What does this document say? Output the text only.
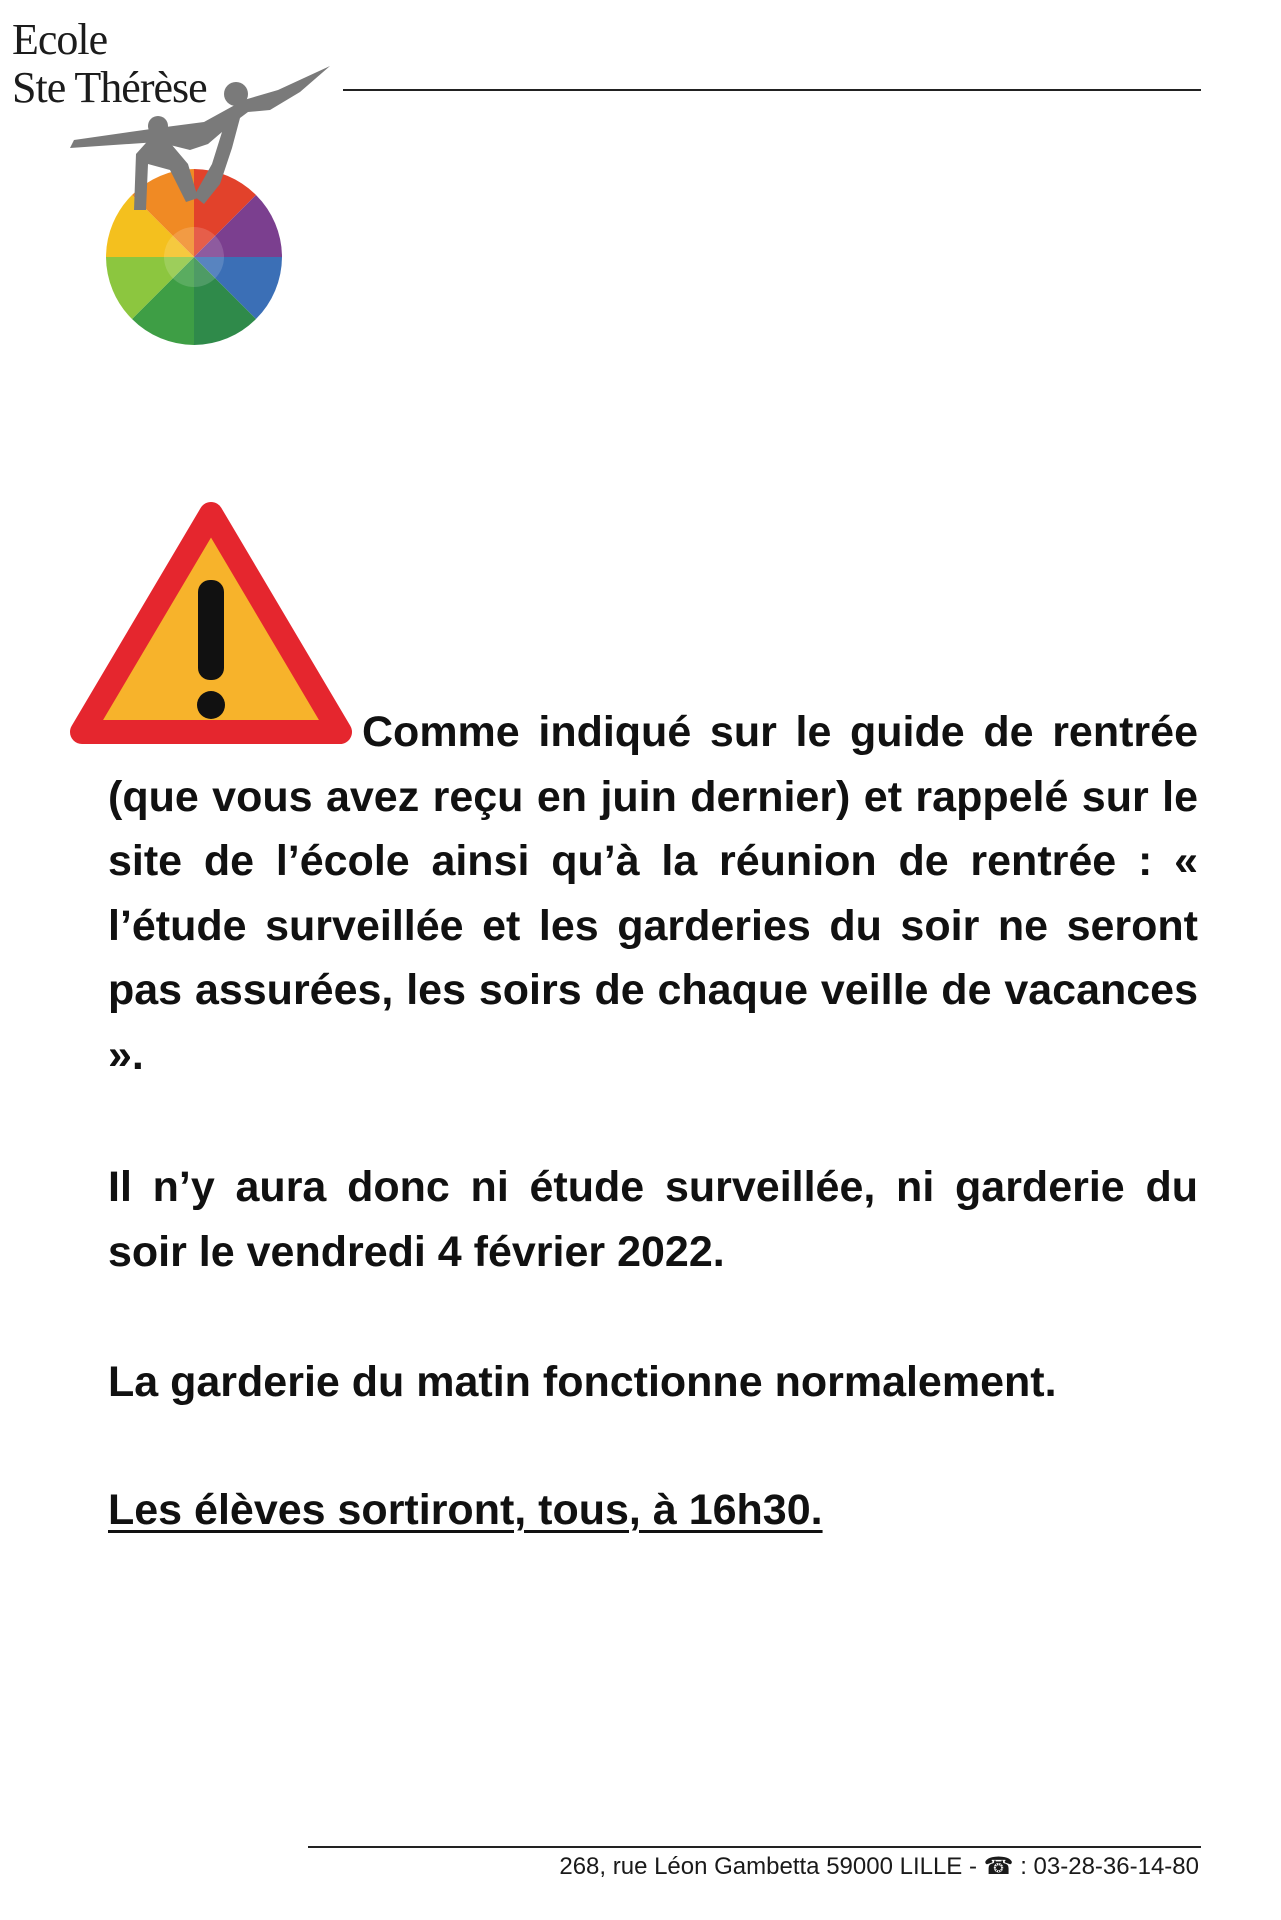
Ecole
Ste Thérèse
Comme indiqué sur le guide de rentrée (que vous avez reçu en juin dernier) et rappelé sur le site de l’école ainsi qu’à la réunion de rentrée : « l’étude surveillée et les garderies du soir ne seront pas assurées, les soirs de chaque veille de vacances ».
Il n’y aura donc ni étude surveillée, ni garderie du soir le vendredi 4 février 2022.
La garderie du matin fonctionne normalement.
Les élèves sortiront, tous, à 16h30.
268, rue Léon Gambetta 59000 LILLE - ☎ : 03-28-36-14-80
